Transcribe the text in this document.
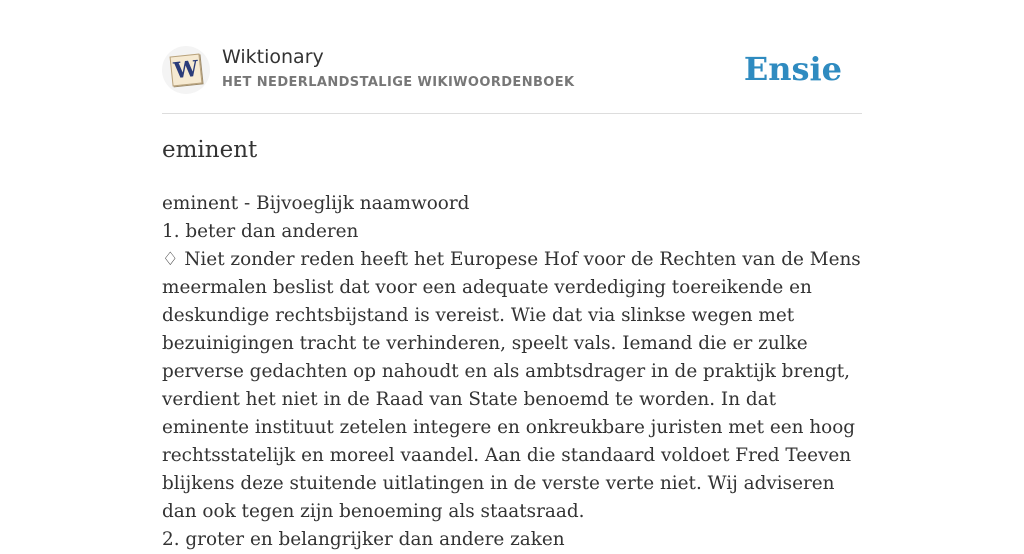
W Wiktionary
HET NEDERLANDSTALIGE WIKIWOORDENBOEK	Ensie
eminent

eminent - Bijvoeglijk naamwoord

1. beter dan anderen

♢ Niet zonder reden heeft het Europese Hof voor de Rechten van de Mens meermalen beslist dat voor een adequate verdediging toereikende en deskundige rechtsbijstand is vereist. Wie dat via slinkse wegen met bezuinigingen tracht te verhinderen, speelt vals. Iemand die er zulke perverse gedachten op nahoudt en als ambtsdrager in de praktijk brengt, verdient het niet in de Raad van State benoemd te worden. In dat eminente instituut zetelen integere en onkreukbare juristen met een hoog rechtsstatelijk en moreel vaandel. Aan die standaard voldoet Fred Teeven blijkens deze stuitende uitlatingen in de verste verte niet. Wij adviseren dan ook tegen zijn benoeming als staatsraad.

2. groter en belangrijker dan andere zaken
